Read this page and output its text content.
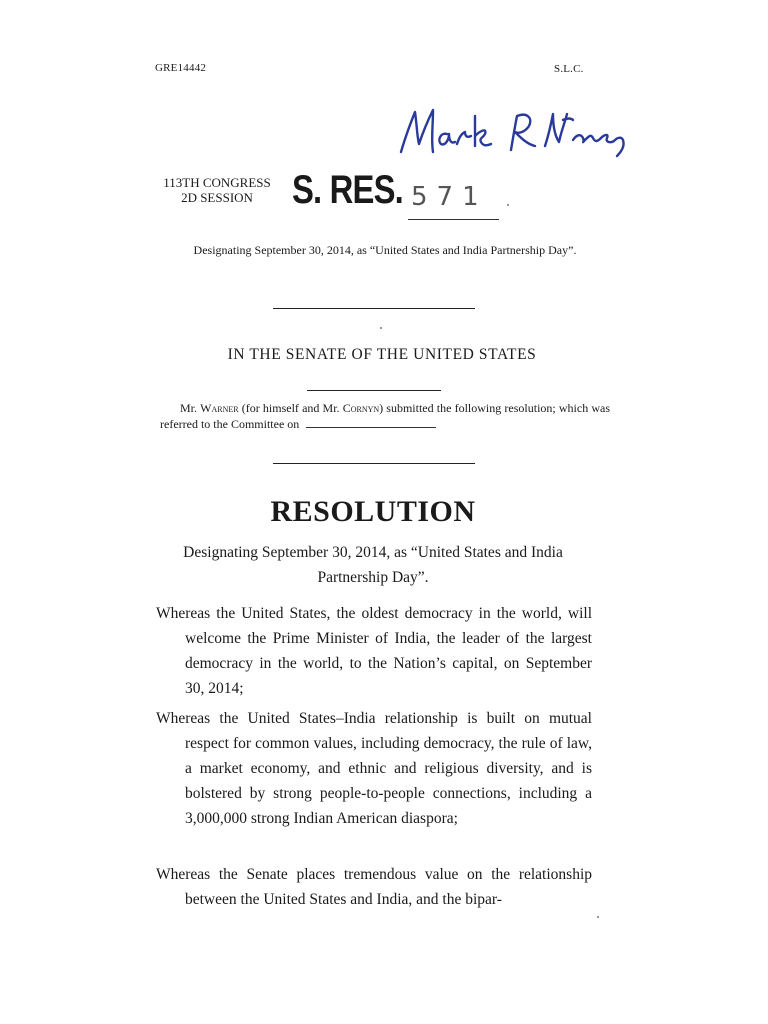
GRE14442	S.L.C.
113TH CONGRESS
2D SESSION S. RES. 571
Designating September 30, 2014, as “United States and India Partnership Day”.
IN THE SENATE OF THE UNITED STATES
Mr. Warner (for himself and Mr. Cornyn) submitted the following resolution; which was referred to the Committee on
RESOLUTION
Designating September 30, 2014, as “United States and India Partnership Day”.

Whereas the United States, the oldest democracy in the world, will welcome the Prime Minister of India, the leader of the largest democracy in the world, to the Nation’s capital, on September 30, 2014;

Whereas the United States–India relationship is built on mutual respect for common values, including democracy, the rule of law, a market economy, and ethnic and religious diversity, and is bolstered by strong people-to-people connections, including a 3,000,000 strong Indian American diaspora;

Whereas the Senate places tremendous value on the relationship between the United States and India, and the bipar-
